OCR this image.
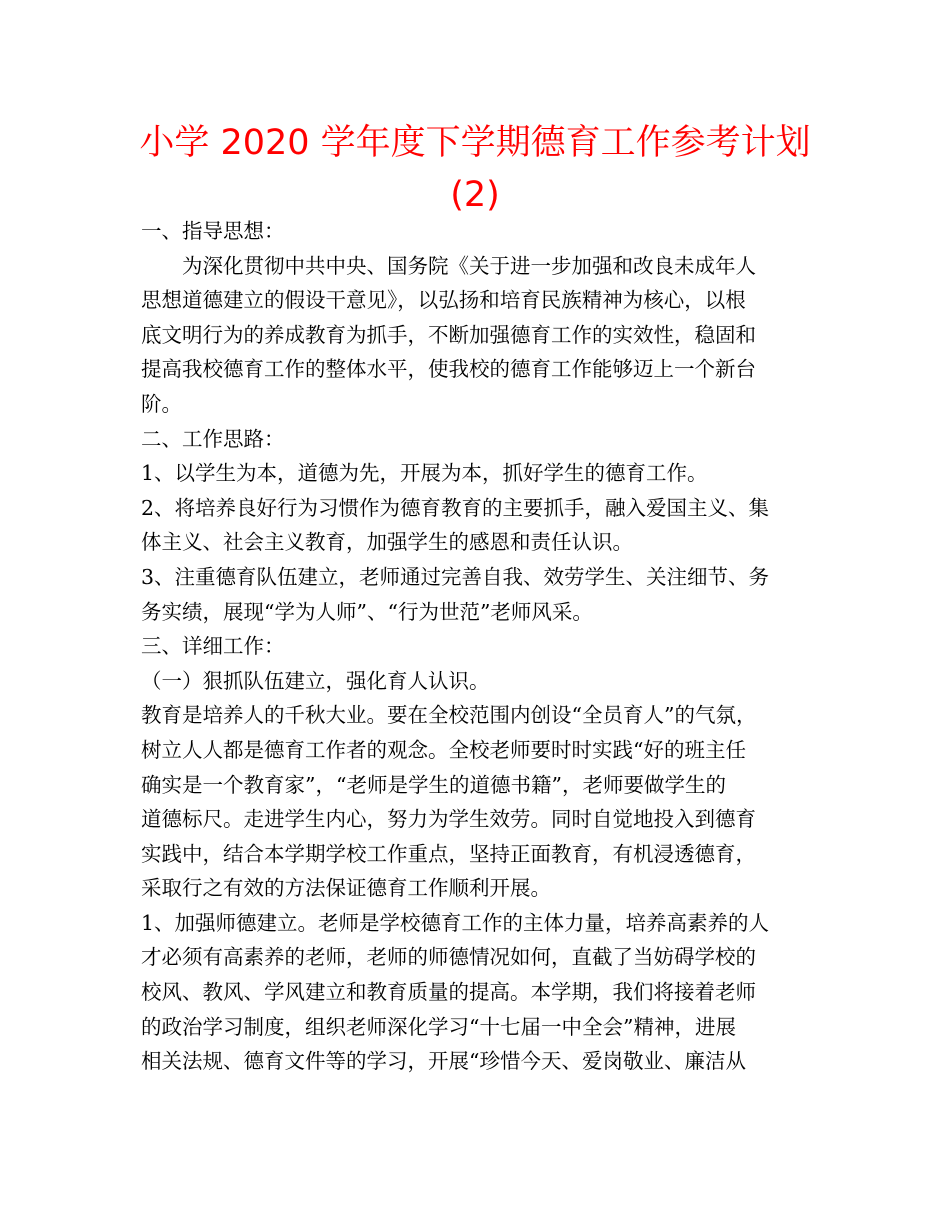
小学 2020 学年度下学期德育工作参考计划
(2)
一、指导思想：
为深化贯彻中共中央、国务院《关于进一步加强和改良未成年人
思想道德建立的假设干意见》，以弘扬和培育民族精神为核心，以根
底文明行为的养成教育为抓手，不断加强德育工作的实效性，稳固和
提高我校德育工作的整体水平，使我校的德育工作能够迈上一个新台
阶。
二、工作思路：
1、以学生为本，道德为先，开展为本，抓好学生的德育工作。
2、将培养良好行为习惯作为德育教育的主要抓手，融入爱国主义、集
体主义、社会主义教育，加强学生的感恩和责任认识。
3、注重德育队伍建立，老师通过完善自我、效劳学生、关注细节、务
务实绩，展现“学为人师”、“行为世范”老师风采。
三、详细工作：
（一）狠抓队伍建立，强化育人认识。
教育是培养人的千秋大业。要在全校范围内创设“全员育人”的气氛，
树立人人都是德育工作者的观念。全校老师要时时实践“好的班主任
确实是一个教育家”，“老师是学生的道德书籍”，老师要做学生的
道德标尺。走进学生内心，努力为学生效劳。同时自觉地投入到德育
实践中，结合本学期学校工作重点，坚持正面教育，有机浸透德育，
采取行之有效的方法保证德育工作顺利开展。
1、加强师德建立。老师是学校德育工作的主体力量，培养高素养的人
才必须有高素养的老师，老师的师德情况如何，直截了当妨碍学校的
校风、教风、学风建立和教育质量的提高。本学期，我们将接着老师
的政治学习制度，组织老师深化学习“十七届一中全会”精神，进展
相关法规、德育文件等的学习，开展“珍惜今天、爱岗敬业、廉洁从
